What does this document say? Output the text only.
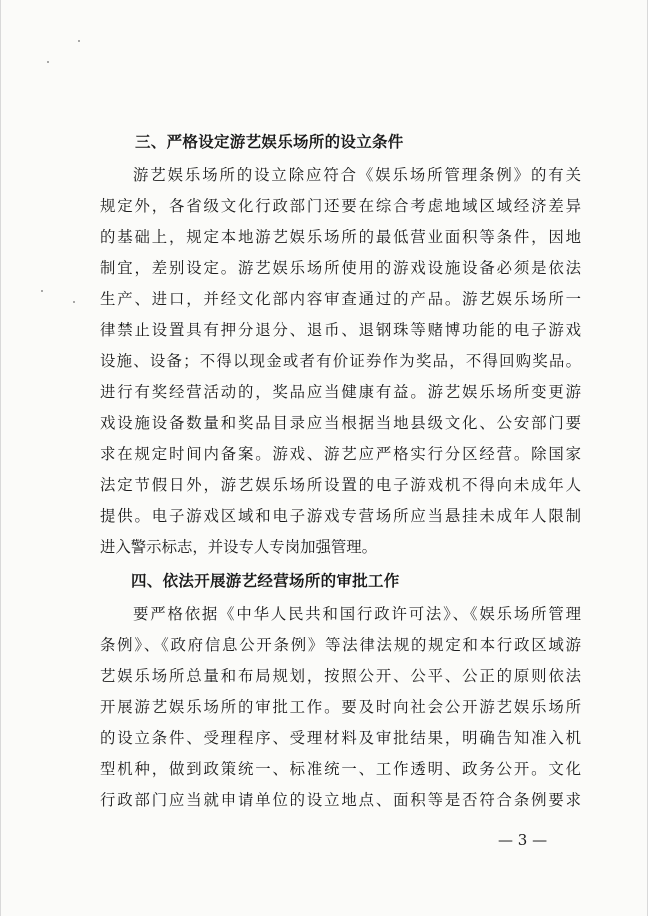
三、严格设定游艺娱乐场所的设立条件
游艺娱乐场所的设立除应符合《娱乐场所管理条例》的有关
规定外，各省级文化行政部门还要在综合考虑地域区域经济差异
的基础上，规定本地游艺娱乐场所的最低营业面积等条件，因地
制宜，差别设定。游艺娱乐场所使用的游戏设施设备必须是依法
生产、进口，并经文化部内容审查通过的产品。游艺娱乐场所一
律禁止设置具有押分退分、退币、退钢珠等赌博功能的电子游戏
设施、设备；不得以现金或者有价证券作为奖品，不得回购奖品。
进行有奖经营活动的，奖品应当健康有益。游艺娱乐场所变更游
戏设施设备数量和奖品目录应当根据当地县级文化、公安部门要
求在规定时间内备案。游戏、游艺应严格实行分区经营。除国家
法定节假日外，游艺娱乐场所设置的电子游戏机不得向未成年人
提供。电子游戏区域和电子游戏专营场所应当悬挂未成年人限制
进入警示标志，并设专人专岗加强管理。
四、依法开展游艺经营场所的审批工作
要严格依据《中华人民共和国行政许可法》、《娱乐场所管理
条例》、《政府信息公开条例》等法律法规的规定和本行政区域游
艺娱乐场所总量和布局规划，按照公开、公平、公正的原则依法
开展游艺娱乐场所的审批工作。要及时向社会公开游艺娱乐场所
的设立条件、受理程序、受理材料及审批结果，明确告知准入机
型机种，做到政策统一、标准统一、工作透明、政务公开。文化
行政部门应当就申请单位的设立地点、面积等是否符合条例要求
— 3 —
